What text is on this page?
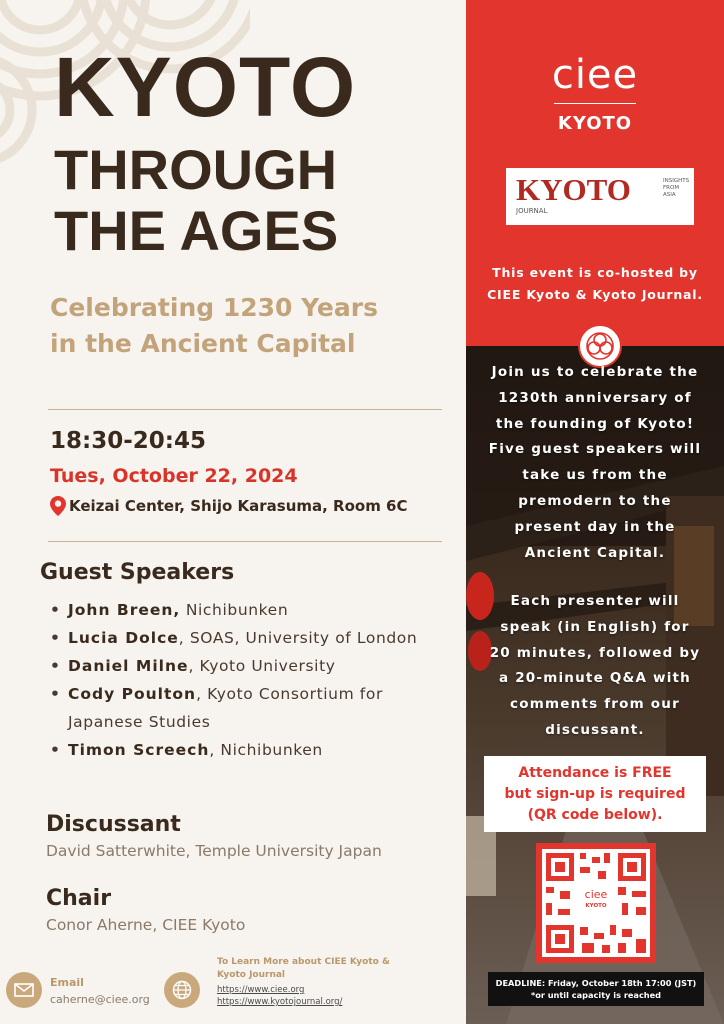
KYOTO
THROUGH
THE AGES
Celebrating 1230 Years
in the Ancient Capital
18:30-20:45
Tues, October 22, 2024
Keizai Center, Shijo Karasuma, Room 6C
Guest Speakers
• John Breen, Nichibunken
• Lucia Dolce, SOAS, University of London
• Daniel Milne, Kyoto University
• Cody Poulton, Kyoto Consortium for Japanese Studies
• Timon Screech, Nichibunken
Discussant
David Satterwhite, Temple University Japan
Chair
Conor Aherne, CIEE Kyoto
Email
caherne@ciee.org
To Learn More about CIEE Kyoto &
Kyoto Journal
https://www.ciee.org
https://www.kyotojournal.org/
ciee
KYOTO
KYOTO
JOURNAL
INSIGHTS
FROM
ASIA
This event is co-hosted by
CIEE Kyoto & Kyoto Journal.
Join us to celebrate the
1230th anniversary of
the founding of Kyoto!
Five guest speakers will
take us from the
premodern to the
present day in the
Ancient Capital.
Each presenter will
speak (in English) for
20 minutes, followed by
a 20-minute Q&A with
comments from our
discussant.
Attendance is FREE
but sign-up is required
(QR code below).
ciee
KYOTO
DEADLINE: Friday, October 18th 17:00 (JST)
*or until capacity is reached
